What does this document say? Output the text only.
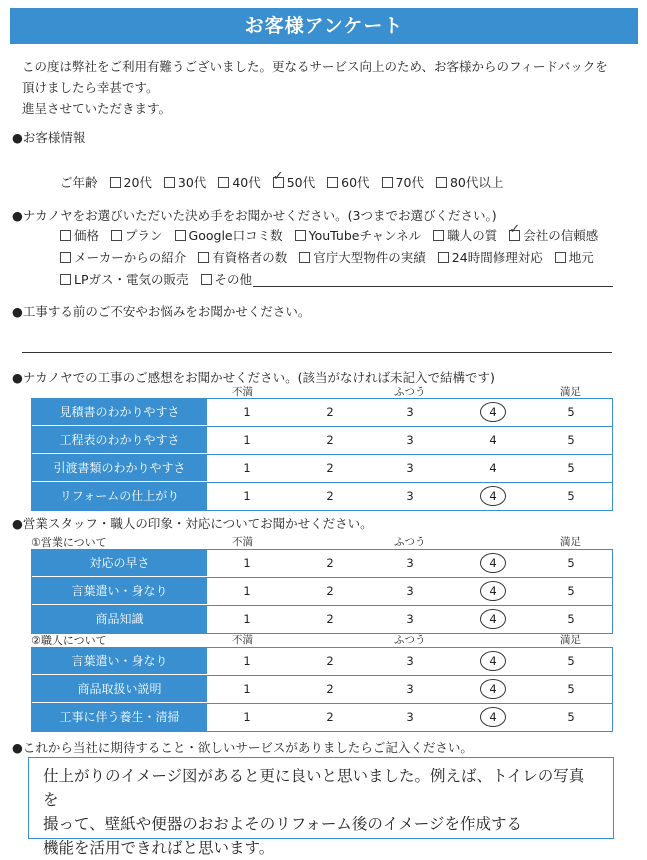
お客様アンケート
この度は弊社をご利用有難うございました。更なるサービス向上のため、お客様からのフィードバックを
頂けましたら幸甚です。
進呈させていただきます。
●お客様情報
ご年齢 20代 30代 40代 ✓ 50代 60代 70代 80代以上
●ナカノヤをお選びいただいた決め手をお聞かせください。(3つまでお選びください。)
価格 プラン Google口コミ数 YouTubeチャンネル 職人の質 ✓ 会社の信頼感
メーカーからの紹介 有資格者の数 官庁大型物件の実績 24時間修理対応 地元
LPガス・電気の販売 その他
●工事する前のご不安やお悩みをお聞かせください。
●ナカノヤでの工事のご感想をお聞かせください。(該当がなければ未記入で結構です)
不満	ふつう	満足
見積書のわかりやすさ	1	2	3	4	5
工程表のわかりやすさ	1	2	3	4	5
引渡書類のわかりやすさ	1	2	3	4	5
リフォームの仕上がり	1	2	3	4	5
●営業スタッフ・職人の印象・対応についてお聞かせください。
①営業について	不満	ふつう	満足
対応の早さ	1	2	3	4	5
言葉遣い・身なり	1	2	3	4	5
商品知識	1	2	3	4	5
②職人について	不満	ふつう	満足
言葉遣い・身なり	1	2	3	4	5
商品取扱い説明	1	2	3	4	5
工事に伴う養生・清掃	1	2	3	4	5
●これから当社に期待すること・欲しいサービスがありましたらご記入ください。
仕上がりのイメージ図があると更に良いと思いました。例えば、トイレの写真を
撮って、壁紙や便器のおおよそのリフォーム後のイメージを作成する
機能を活用できればと思います。
